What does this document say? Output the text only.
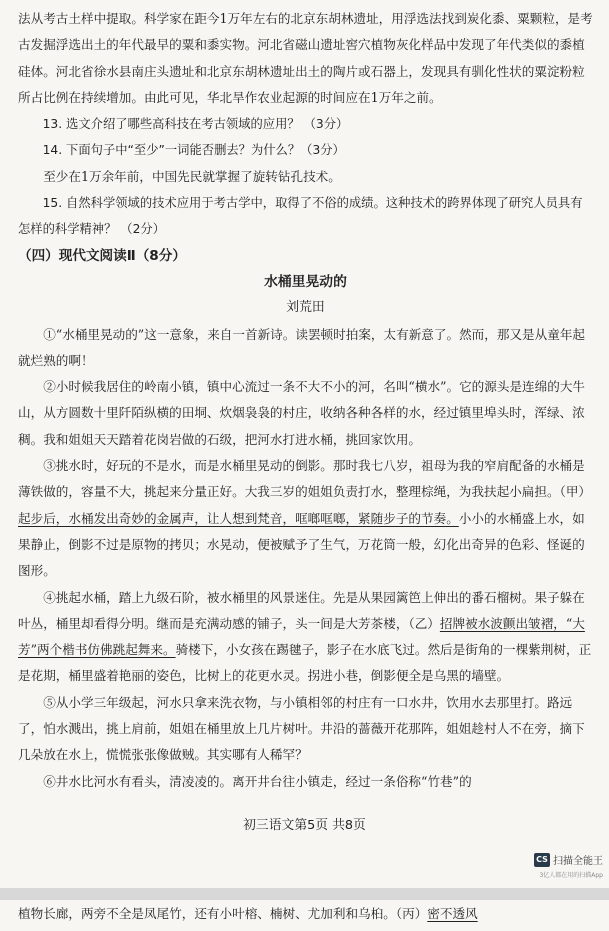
法从考古土样中提取。科学家在距今1万年左右的北京东胡林遗址，用浮选法找到炭化黍、粟颗粒，是考古发掘浮选出土的年代最早的粟和黍实物。河北省磁山遗址窖穴植物灰化样品中发现了年代类似的黍植硅体。河北省徐水县南庄头遗址和北京东胡林遗址出土的陶片或石器上，发现具有驯化性状的粟淀粉粒所占比例在持续增加。由此可见，华北旱作农业起源的时间应在1万年之前。

13. 选文介绍了哪些高科技在考古领域的应用？ （3分）

14. 下面句子中“至少”一词能否删去？为什么？（3分）

至少在1万余年前，中国先民就掌握了旋转钻孔技术。

15. 自然科学领域的技术应用于考古学中，取得了不俗的成绩。这种技术的跨界体现了研究人员具有怎样的科学精神？ （2分）

（四）现代文阅读Ⅱ（8分）

水桶里晃动的

刘荒田

①“水桶里晃动的”这一意象，来自一首新诗。读罢顿时拍案，太有新意了。然而，那又是从童年起就烂熟的啊！

②小时候我居住的岭南小镇，镇中心流过一条不大不小的河，名叫“横水”。它的源头是连绵的大牛山，从方圆数十里阡陌纵横的田垌、炊烟袅袅的村庄，收纳各种各样的水，经过镇里埠头时，浑绿、浓稠。我和姐姐天天踏着花岗岩做的石级，把河水打进水桶，挑回家饮用。

③挑水时，好玩的不是水，而是水桶里晃动的倒影。那时我七八岁，祖母为我的窄肩配备的水桶是薄铁做的，容量不大，挑起来分量正好。大我三岁的姐姐负责打水，整理棕绳，为我扶起小扁担。（甲）起步后，水桶发出奇妙的金属声，让人想到梵音，哐啷哐啷，紧随步子的节奏。小小的水桶盛上水，如果静止，倒影不过是原物的拷贝；水晃动，便被赋予了生气，万花筒一般，幻化出奇异的色彩、怪诞的图形。

④挑起水桶，踏上九级石阶，被水桶里的风景迷住。先是从果园篱笆上伸出的番石榴树。果子躲在叶丛，桶里却看得分明。继而是充满动感的铺子，头一间是大芳茶楼，（乙）招牌被水波颤出皱褶，“大芳”两个楷书仿佛跳起舞来。骑楼下，小女孩在踢毽子，影子在水底飞过。然后是街角的一棵紫荆树，正是花期，桶里盛着艳丽的姿色，比树上的花更水灵。拐进小巷，倒影便全是乌黑的墙壁。

⑤从小学三年级起，河水只拿来洗衣物，与小镇相邻的村庄有一口水井，饮用水去那里打。路远了，怕水溅出，挑上肩前，姐姐在桶里放上几片树叶。井沿的蔷薇开花那阵，姐姐趁村人不在旁，摘下几朵放在水上，慌慌张张像做贼。其实哪有人稀罕？

⑥井水比河水有看头，清凌凌的。离开井台往小镇走，经过一条俗称“竹巷”的

初三语文第5页 共8页
CS 扫描全能王
3亿人都在用的扫描App
植物长廊，两旁不全是凤尾竹，还有小叶榕、楠树、尤加利和乌桕。（丙）密不透风
